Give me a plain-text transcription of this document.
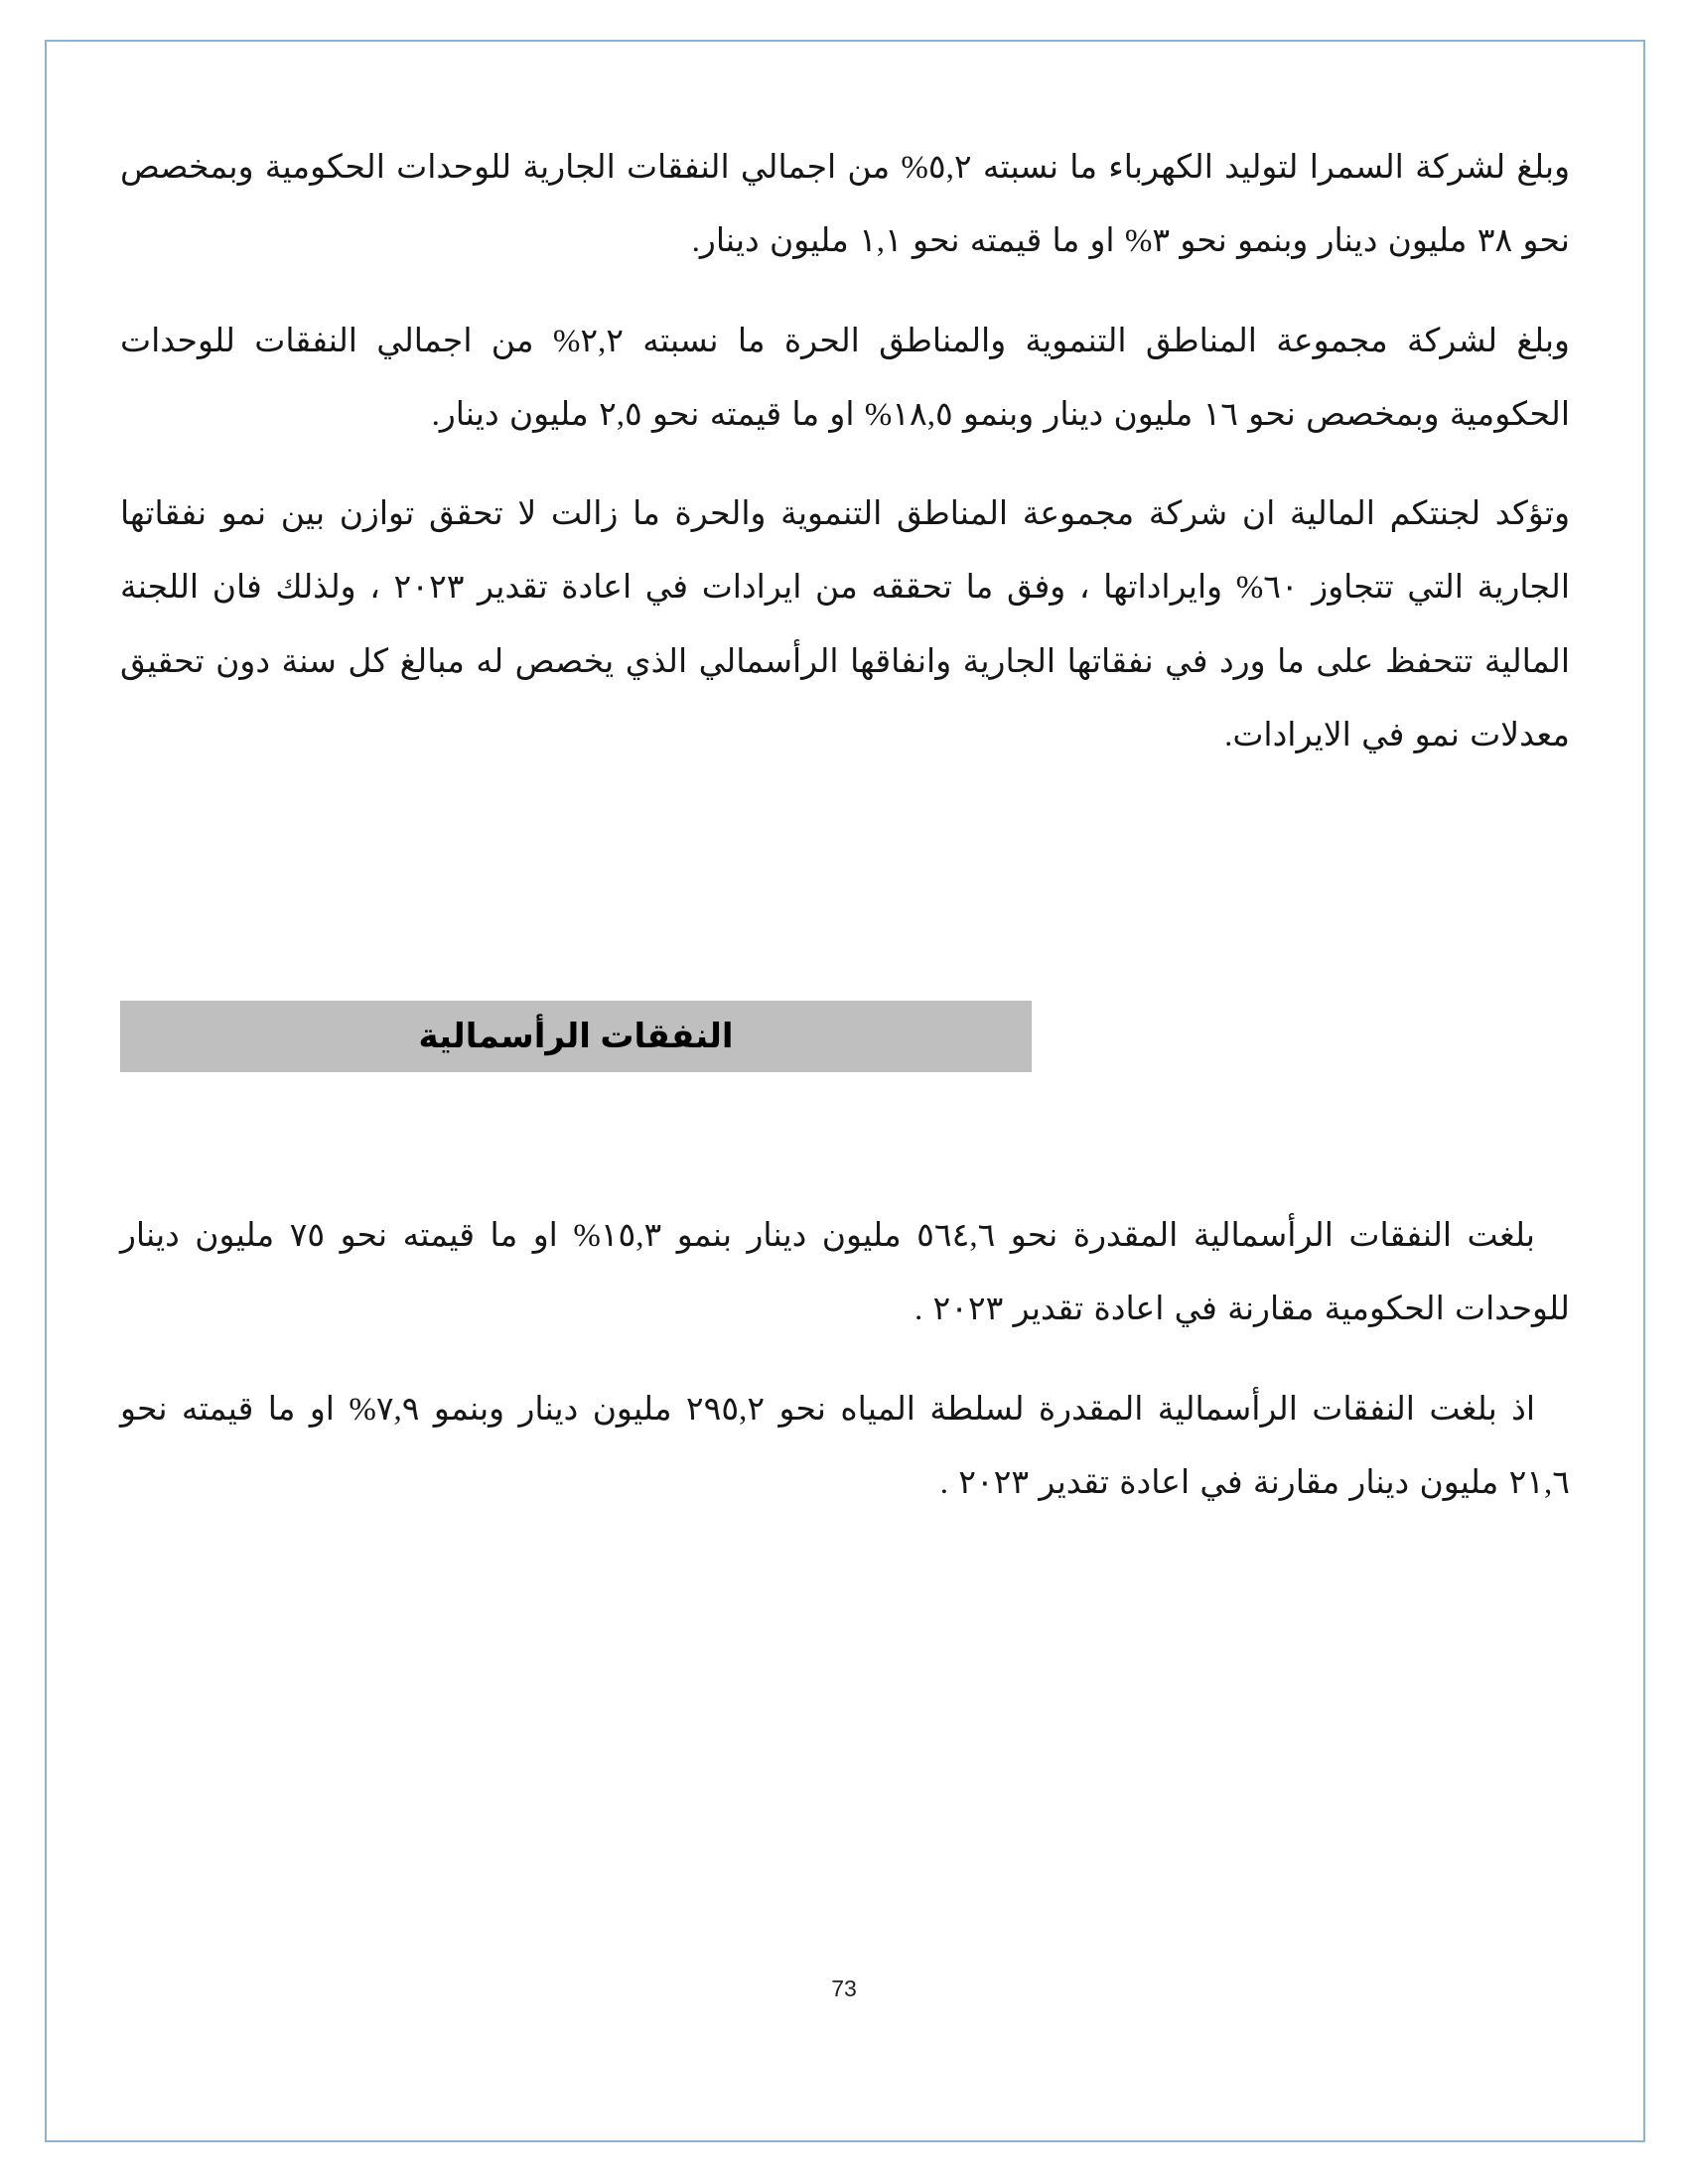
وبلغ لشركة السمرا لتوليد الكهرباء ما نسبته ٥,٢% من اجمالي النفقات الجارية للوحدات الحكومية وبمخصص نحو ٣٨ مليون دينار وبنمو نحو ٣% او ما قيمته نحو ١,١ مليون دينار.

وبلغ لشركة مجموعة المناطق التنموية والمناطق الحرة ما نسبته ٢,٢% من اجمالي النفقات للوحدات الحكومية وبمخصص نحو ١٦ مليون دينار وبنمو ١٨,٥% او ما قيمته نحو ٢,٥ مليون دينار.

وتؤكد لجنتكم المالية ان شركة مجموعة المناطق التنموية والحرة ما زالت لا تحقق توازن بين نمو نفقاتها الجارية التي تتجاوز ٦٠% وايراداتها ، وفق ما تحققه من ايرادات في اعادة تقدير ٢٠٢٣ ، ولذلك فان اللجنة المالية تتحفظ على ما ورد في نفقاتها الجارية وانفاقها الرأسمالي الذي يخصص له مبالغ كل سنة دون تحقيق معدلات نمو في الايرادات.

النفقات الرأسمالية

بلغت النفقات الرأسمالية المقدرة نحو ٥٦٤,٦ مليون دينار بنمو ١٥,٣% او ما قيمته نحو ٧٥ مليون دينار للوحدات الحكومية مقارنة في اعادة تقدير ٢٠٢٣ .

اذ بلغت النفقات الرأسمالية المقدرة لسلطة المياه نحو ٢٩٥,٢ مليون دينار وبنمو ٧,٩% او ما قيمته نحو ٢١,٦ مليون دينار مقارنة في اعادة تقدير ٢٠٢٣ .

73
